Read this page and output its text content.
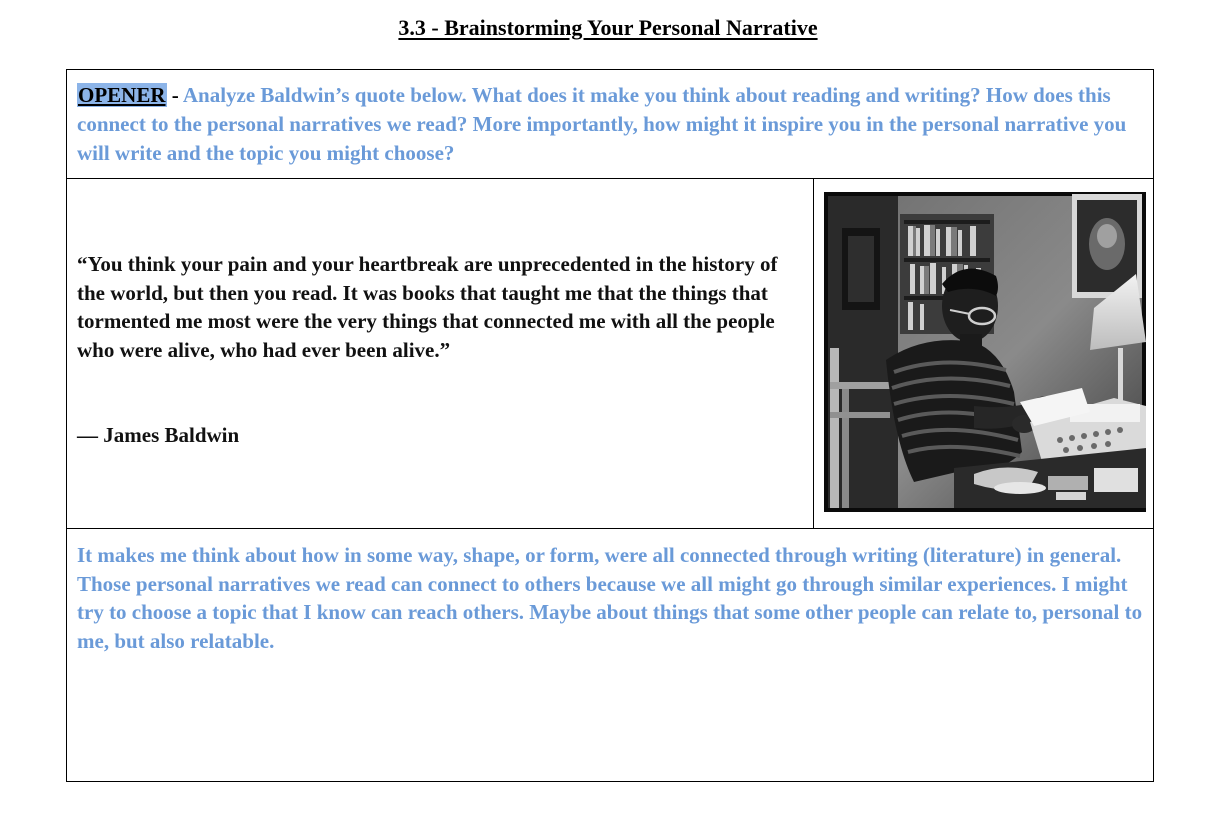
3.3 - Brainstorming Your Personal Narrative
OPENER - Analyze Baldwin’s quote below. What does it make you think about reading and writing? How does this connect to the personal narratives we read? More importantly, how might it inspire you in the personal narrative you will write and the topic you might choose?
“You think your pain and your heartbreak are unprecedented in the history of the world, but then you read. It was books that taught me that the things that tormented me most were the very things that connected me with all the people who were alive, who had ever been alive.”
— James Baldwin
It makes me think about how in some way, shape, or form, were all connected through writing (literature) in general. Those personal narratives we read can connect to others because we all might go through similar experiences. I might try to choose a topic that I know can reach others. Maybe about things that some other people can relate to, personal to me, but also relatable.
